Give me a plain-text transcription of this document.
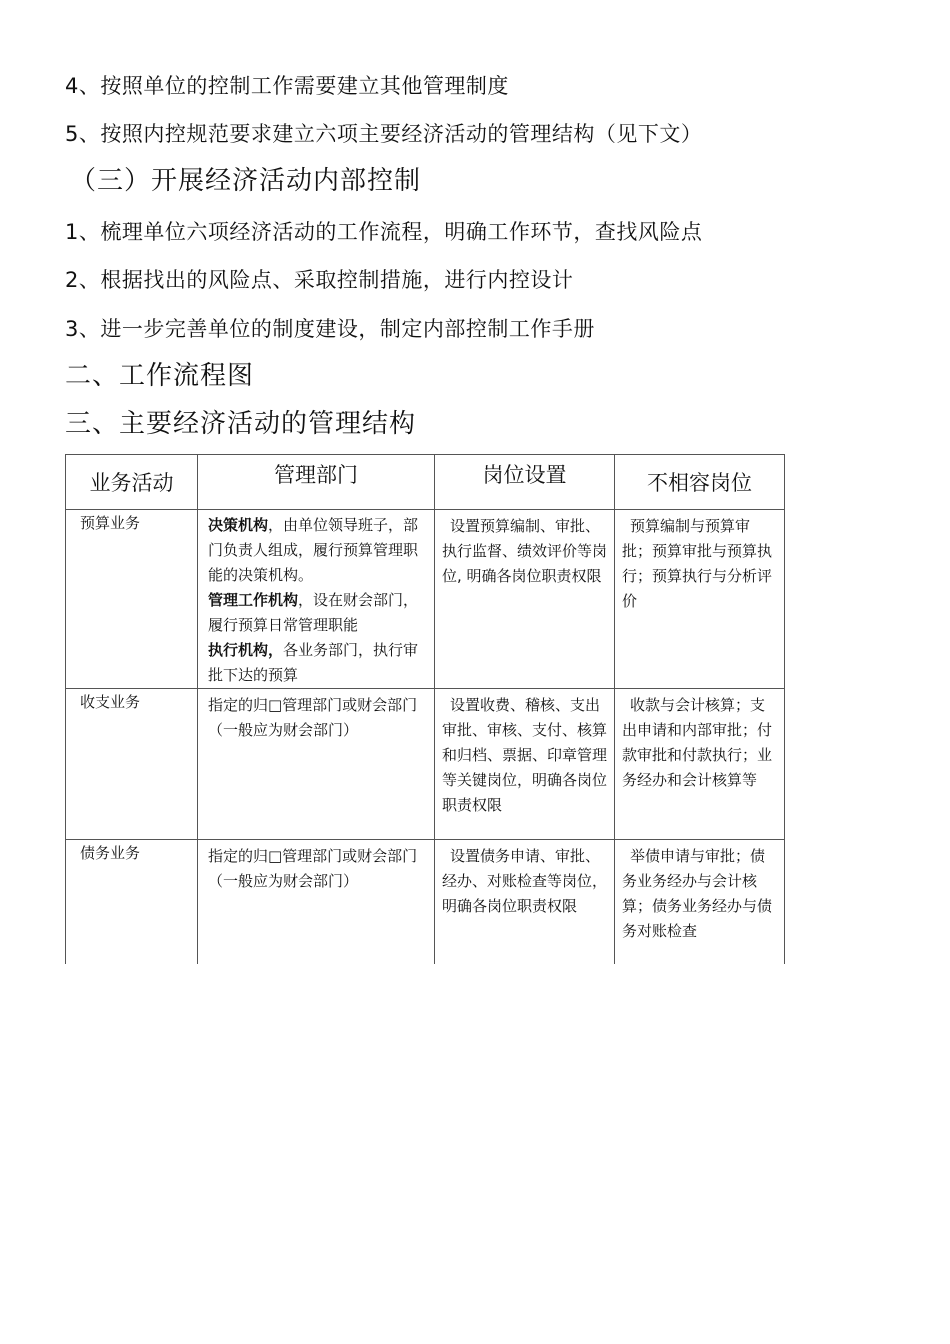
4、按照单位的控制工作需要建立其他管理制度
5、按照内控规范要求建立六项主要经济活动的管理结构（见下文）
（三）开展经济活动内部控制
1、梳理单位六项经济活动的工作流程，明确工作环节，查找风险点
2、根据找出的风险点、采取控制措施，进行内控设计
3、进一步完善单位的制度建设，制定内部控制工作手册
二、工作流程图
三、主要经济活动的管理结构
业务活动	管理部门	岗位设置	不相容岗位

预算业务	决策机构，由单位领导班子，部门负责人组成，履行预算管理职能的决策机构。
管理工作机构，设在财会部门，履行预算日常管理职能
执行机构，各业务部门，执行审批下达的预算	设置预算编制、审批、执行监督、绩效评价等岗位, 明确各岗位职责权限	预算编制与预算审批；预算审批与预算执行；预算执行与分析评价

收支业务	指定的归□管理部门或财会部门（一般应为财会部门）	设置收费、稽核、支出审批、审核、支付、核算和归档、票据、印章管理等关键岗位，明确各岗位职责权限	收款与会计核算；支出申请和内部审批；付款审批和付款执行；业务经办和会计核算等

债务业务	指定的归□管理部门或财会部门（一般应为财会部门）	设置债务申请、审批、经办、对账检查等岗位，明确各岗位职责权限	举债申请与审批；债务业务经办与会计核算；债务业务经办与债务对账检查
